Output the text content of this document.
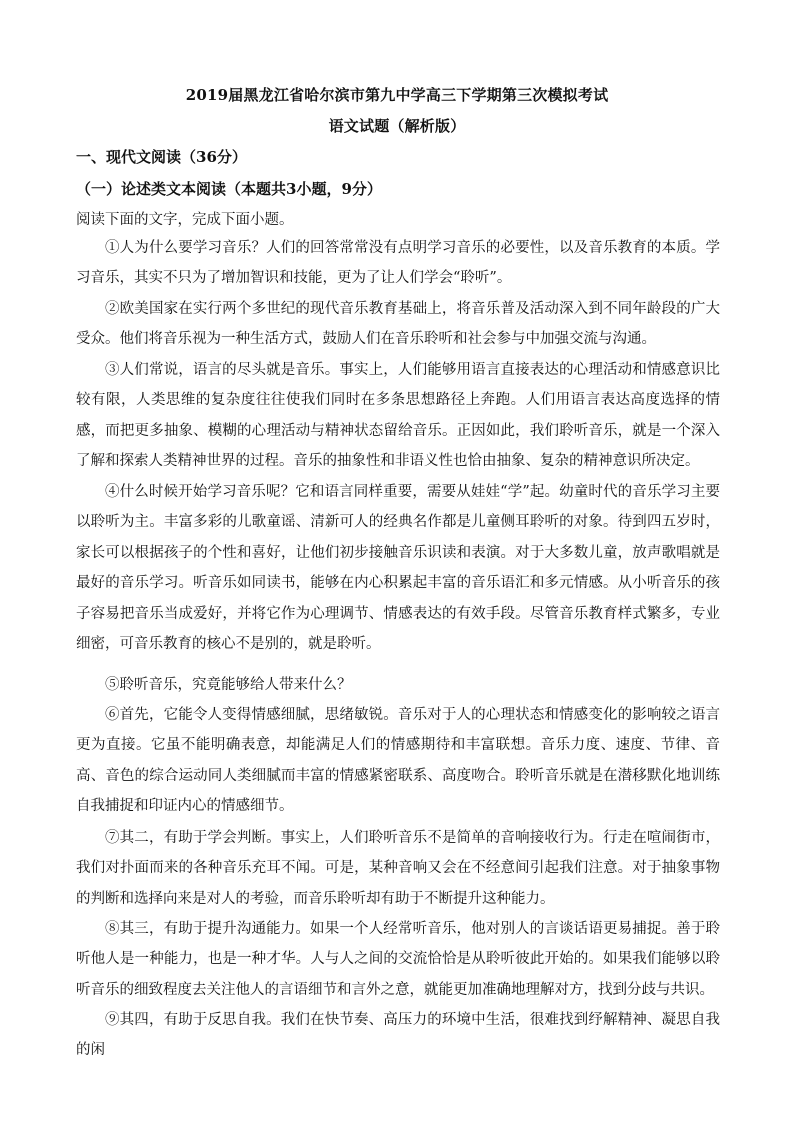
2019届黑龙江省哈尔滨市第九中学高三下学期第三次模拟考试
语文试题（解析版）
一、现代文阅读（36分）
（一）论述类文本阅读（本题共3小题，9分）
阅读下面的文字，完成下面小题。
①人为什么要学习音乐？人们的回答常常没有点明学习音乐的必要性，以及音乐教育的本质。学习音乐，其实不只为了增加智识和技能，更为了让人们学会“聆听”。
②欧美国家在实行两个多世纪的现代音乐教育基础上，将音乐普及活动深入到不同年龄段的广大受众。他们将音乐视为一种生活方式，鼓励人们在音乐聆听和社会参与中加强交流与沟通。
③人们常说，语言的尽头就是音乐。事实上，人们能够用语言直接表达的心理活动和情感意识比较有限，人类思维的复杂度往往使我们同时在多条思想路径上奔跑。人们用语言表达高度选择的情感，而把更多抽象、模糊的心理活动与精神状态留给音乐。正因如此，我们聆听音乐，就是一个深入了解和探索人类精神世界的过程。音乐的抽象性和非语义性也恰由抽象、复杂的精神意识所决定。
④什么时候开始学习音乐呢？它和语言同样重要，需要从娃娃“学”起。幼童时代的音乐学习主要以聆听为主。丰富多彩的儿歌童谣、清新可人的经典名作都是儿童侧耳聆听的对象。待到四五岁时，家长可以根据孩子的个性和喜好，让他们初步接触音乐识读和表演。对于大多数儿童，放声歌唱就是最好的音乐学习。听音乐如同读书，能够在内心积累起丰富的音乐语汇和多元情感。从小听音乐的孩子容易把音乐当成爱好，并将它作为心理调节、情感表达的有效手段。尽管音乐教育样式繁多，专业细密，可音乐教育的核心不是别的，就是聆听。
⑤聆听音乐，究竟能够给人带来什么？
⑥首先，它能令人变得情感细腻，思绪敏锐。音乐对于人的心理状态和情感变化的影响较之语言更为直接。它虽不能明确表意，却能满足人们的情感期待和丰富联想。音乐力度、速度、节律、音高、音色的综合运动同人类细腻而丰富的情感紧密联系、高度吻合。聆听音乐就是在潜移默化地训练自我捕捉和印证内心的情感细节。
⑦其二，有助于学会判断。事实上，人们聆听音乐不是简单的音响接收行为。行走在喧闹街市，我们对扑面而来的各种音乐充耳不闻。可是，某种音响又会在不经意间引起我们注意。对于抽象事物的判断和选择向来是对人的考验，而音乐聆听却有助于不断提升这种能力。
⑧其三，有助于提升沟通能力。如果一个人经常听音乐，他对别人的言谈话语更易捕捉。善于聆听他人是一种能力，也是一种才华。人与人之间的交流恰恰是从聆听彼此开始的。如果我们能够以聆听音乐的细致程度去关注他人的言语细节和言外之意，就能更加准确地理解对方，找到分歧与共识。
⑨其四，有助于反思自我。我们在快节奏、高压力的环境中生活，很难找到纾解精神、凝思自我的闲
